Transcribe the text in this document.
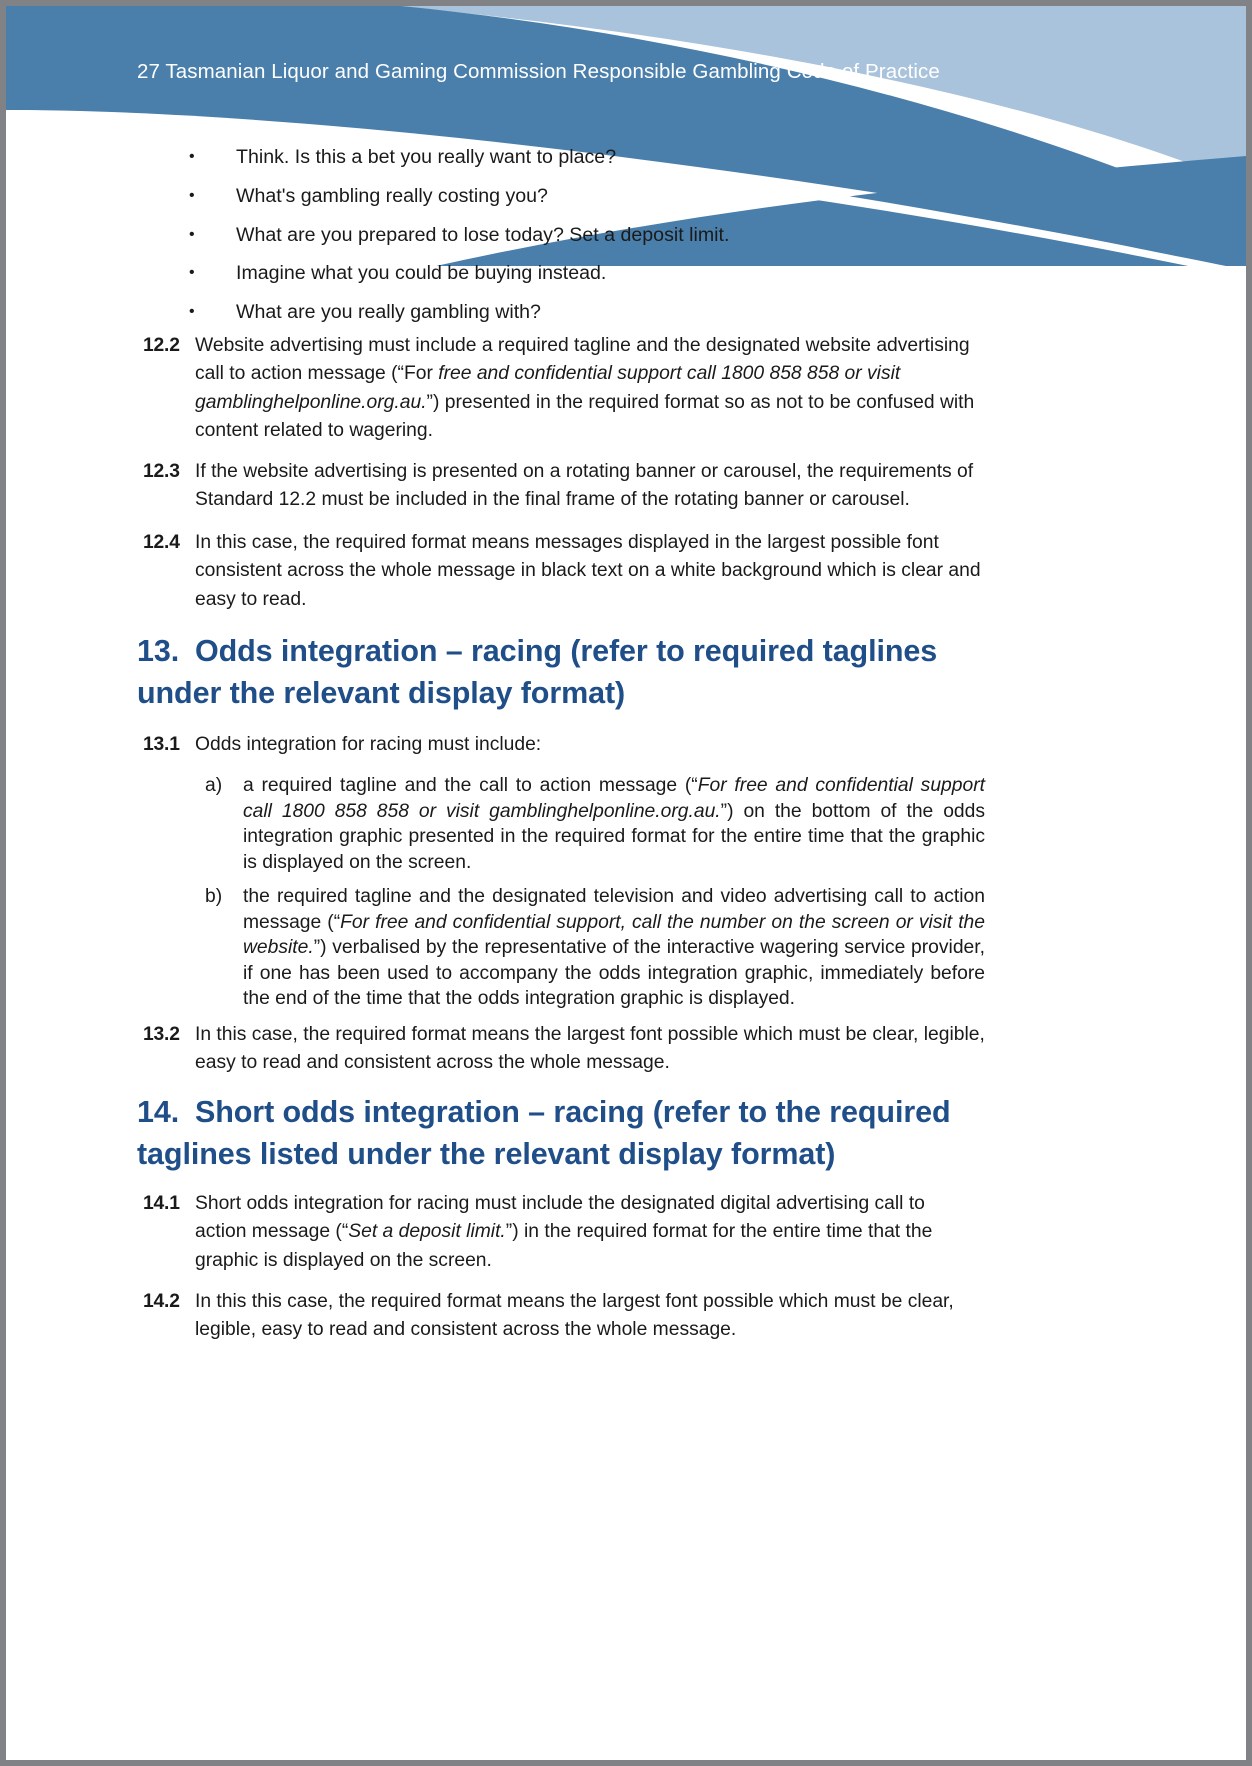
27 Tasmanian Liquor and Gaming Commission Responsible Gambling Code of Practice
• Think. Is this a bet you really want to place?
• What's gambling really costing you?
• What are you prepared to lose today? Set a deposit limit.
• Imagine what you could be buying instead.
• What are you really gambling with?
12.2 Website advertising must include a required tagline and the designated website advertising call to action message (“For free and confidential support call 1800 858 858 or visit gamblinghelponline.org.au.”) presented in the required format so as not to be confused with content related to wagering.
12.3 If the website advertising is presented on a rotating banner or carousel, the requirements of Standard 12.2 must be included in the final frame of the rotating banner or carousel.
12.4 In this case, the required format means messages displayed in the largest possible font consistent across the whole message in black text on a white background which is clear and easy to read.
13. Odds integration – racing (refer to required taglines under the relevant display format)
13.1 Odds integration for racing must include:
a) a required tagline and the call to action message (“For free and confidential support call 1800 858 858 or visit gamblinghelponline.org.au.”) on the bottom of the odds integration graphic presented in the required format for the entire time that the graphic is displayed on the screen.
b) the required tagline and the designated television and video advertising call to action message (“For free and confidential support, call the number on the screen or visit the website.”) verbalised by the representative of the interactive wagering service provider, if one has been used to accompany the odds integration graphic, immediately before the end of the time that the odds integration graphic is displayed.
13.2 In this case, the required format means the largest font possible which must be clear, legible, easy to read and consistent across the whole message.
14. Short odds integration – racing (refer to the required taglines listed under the relevant display format)
14.1 Short odds integration for racing must include the designated digital advertising call to action message (“Set a deposit limit.”) in the required format for the entire time that the graphic is displayed on the screen.
14.2 In this this case, the required format means the largest font possible which must be clear, legible, easy to read and consistent across the whole message.
